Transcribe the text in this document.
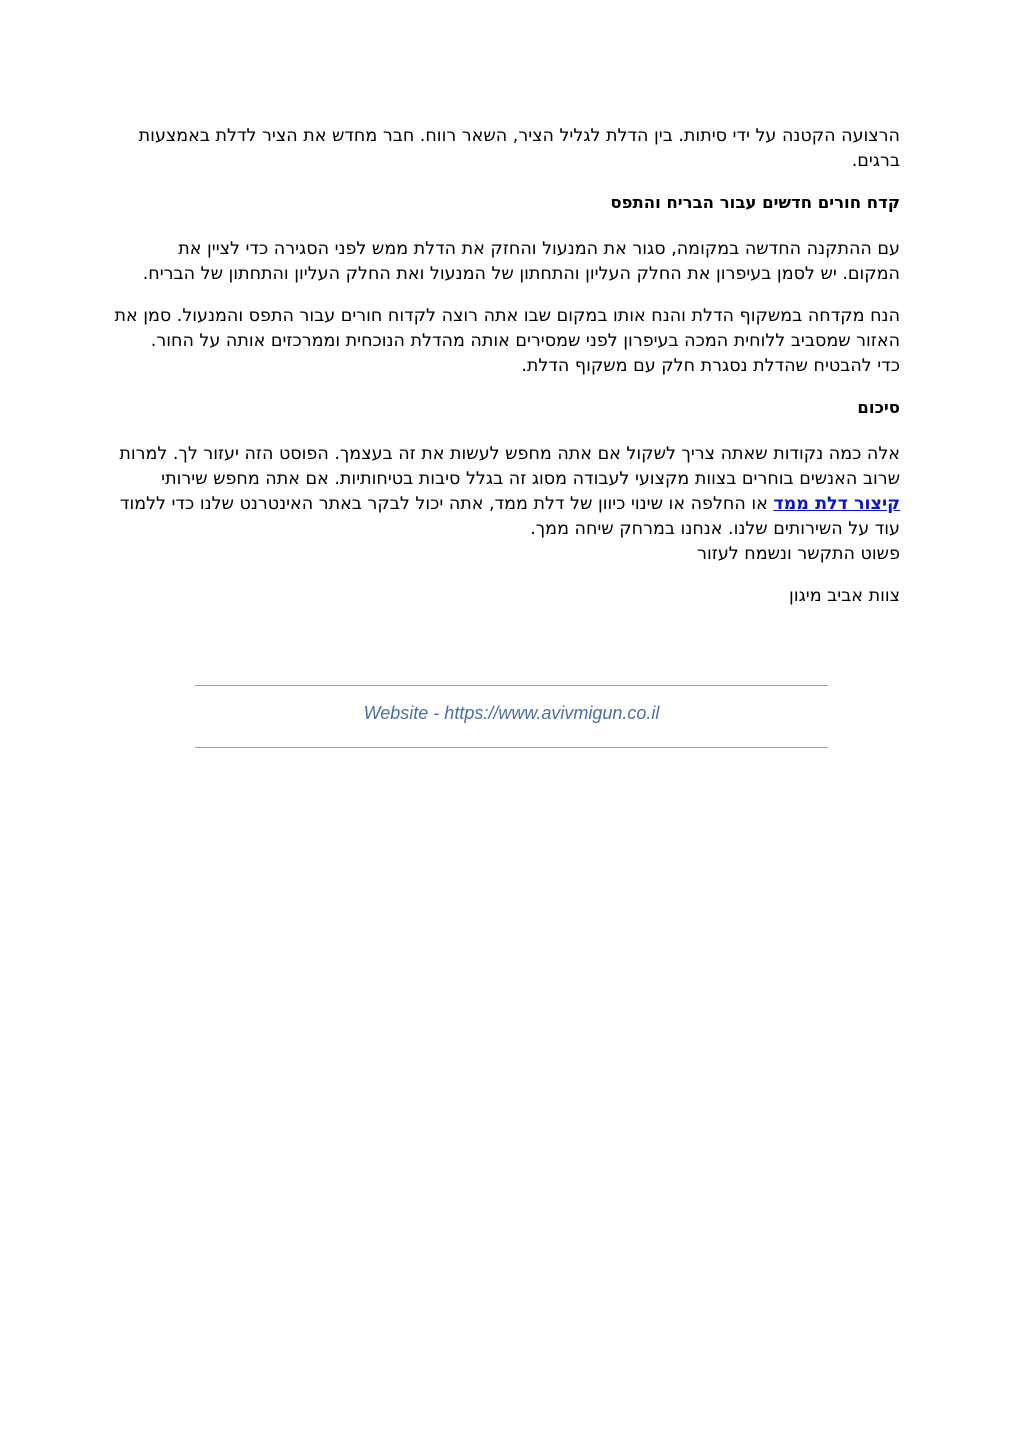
הרצועה הקטנה על ידי סיתות. בין הדלת לגליל הציר, השאר רווח. חבר מחדש את הציר לדלת באמצעות
ברגים.

קדח חורים חדשים עבור הבריח והתפס

עם ההתקנה החדשה במקומה, סגור את המנעול והחזק את הדלת ממש לפני הסגירה כדי לציין את
המקום. יש לסמן בעיפרון את החלק העליון והתחתון של המנעול ואת החלק העליון והתחתון של הבריח.

הנח מקדחה במשקוף הדלת והנח אותו במקום שבו אתה רוצה לקדוח חורים עבור התפס והמנעול. סמן את
האזור שמסביב ללוחית המכה בעיפרון לפני שמסירים אותה מהדלת הנוכחית וממרכזים אותה על החור.
כדי להבטיח שהדלת נסגרת חלק עם משקוף הדלת.

סיכום

אלה כמה נקודות שאתה צריך לשקול אם אתה מחפש לעשות את זה בעצמך. הפוסט הזה יעזור לך. למרות
שרוב האנשים בוחרים בצוות מקצועי לעבודה מסוג זה בגלל סיבות בטיחותיות. אם אתה מחפש שירותי
קיצור דלת ממד או החלפה או שינוי כיוון של דלת ממד, אתה יכול לבקר באתר האינטרנט שלנו כדי ללמוד
עוד על השירותים שלנו. אנחנו במרחק שיחה ממך.
פשוט התקשר ונשמח לעזור

צוות אביב מיגון

Website - https://www.avivmigun.co.il
